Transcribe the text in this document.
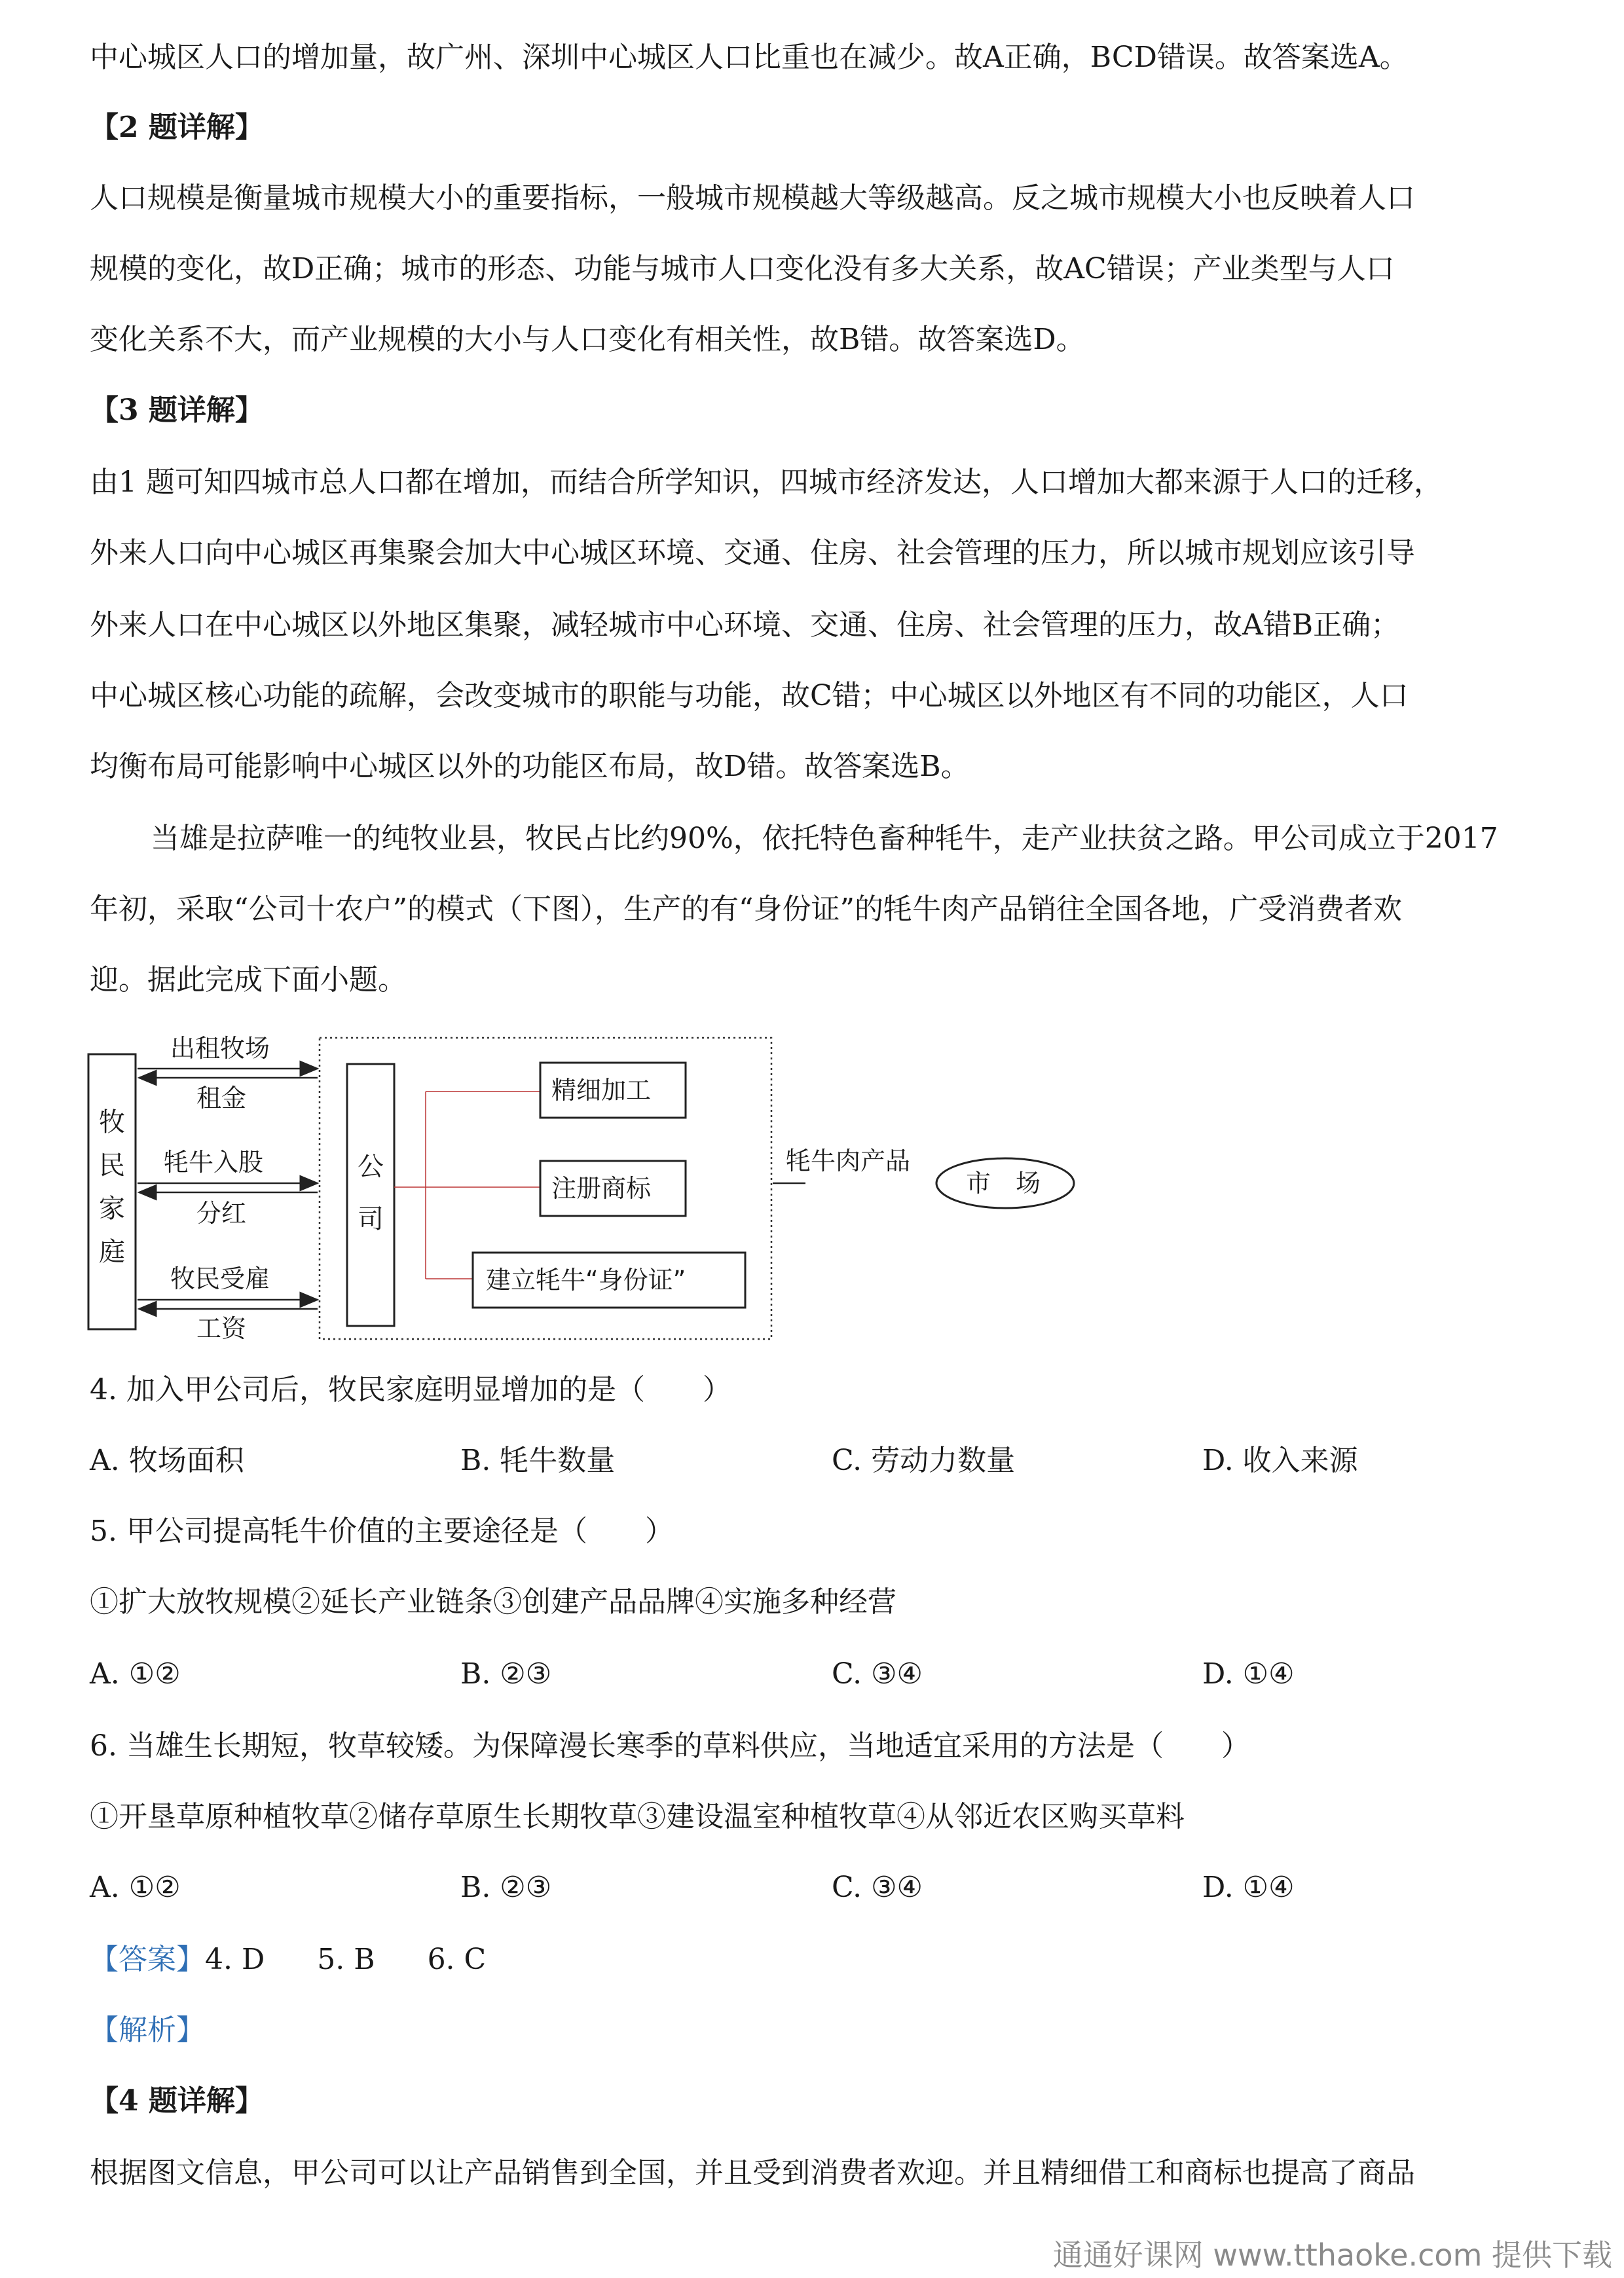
中心城区人口的增加量，故广州、深圳中心城区人口比重也在减少。故A正确，BCD错误。故答案选A。
【2 题详解】
人口规模是衡量城市规模大小的重要指标，一般城市规模越大等级越高。反之城市规模大小也反映着人口
规模的变化，故D正确；城市的形态、功能与城市人口变化没有多大关系，故AC错误；产业类型与人口
变化关系不大，而产业规模的大小与人口变化有相关性，故B错。故答案选D。
【3 题详解】
由1 题可知四城市总人口都在增加，而结合所学知识，四城市经济发达，人口增加大都来源于人口的迁移，
外来人口向中心城区再集聚会加大中心城区环境、交通、住房、社会管理的压力，所以城市规划应该引导
外来人口在中心城区以外地区集聚，减轻城市中心环境、交通、住房、社会管理的压力，故A错B正确；
中心城区核心功能的疏解，会改变城市的职能与功能，故C错；中心城区以外地区有不同的功能区，人口
均衡布局可能影响中心城区以外的功能区布局，故D错。故答案选B。
当雄是拉萨唯一的纯牧业县，牧民占比约90%，依托特色畜种牦牛，走产业扶贫之路。甲公司成立于2017
年初，采取“公司十农户”的模式（下图），生产的有“身份证”的牦牛肉产品销往全国各地，广受消费者欢
迎。据此完成下面小题。
牧
民
家
庭
公
司
出租牧场
租金
牦牛入股
分红
牧民受雇
工资
精细加工
注册商标
建立牦牛“身份证”
牦牛肉产品
市　场
4. 加入甲公司后，牧民家庭明显增加的是（　　）
A. 牧场面积	B. 牦牛数量	C. 劳动力数量	D. 收入来源
5. 甲公司提高牦牛价值的主要途径是（　　）
①扩大放牧规模②延长产业链条③创建产品品牌④实施多种经营
A. ①②	B. ②③	C. ③④	D. ①④
6. 当雄生长期短，牧草较矮。为保障漫长寒季的草料供应，当地适宜采用的方法是（　　）
①开垦草原种植牧草②储存草原生长期牧草③建设温室种植牧草④从邻近农区购买草料
A. ①②	B. ②③	C. ③④	D. ①④
【答案】4. D 5. B 6. C
【解析】
【4 题详解】
根据图文信息，甲公司可以让产品销售到全国，并且受到消费者欢迎。并且精细借工和商标也提高了商品
通通好课网 www.tthaoke.com 提供下载
